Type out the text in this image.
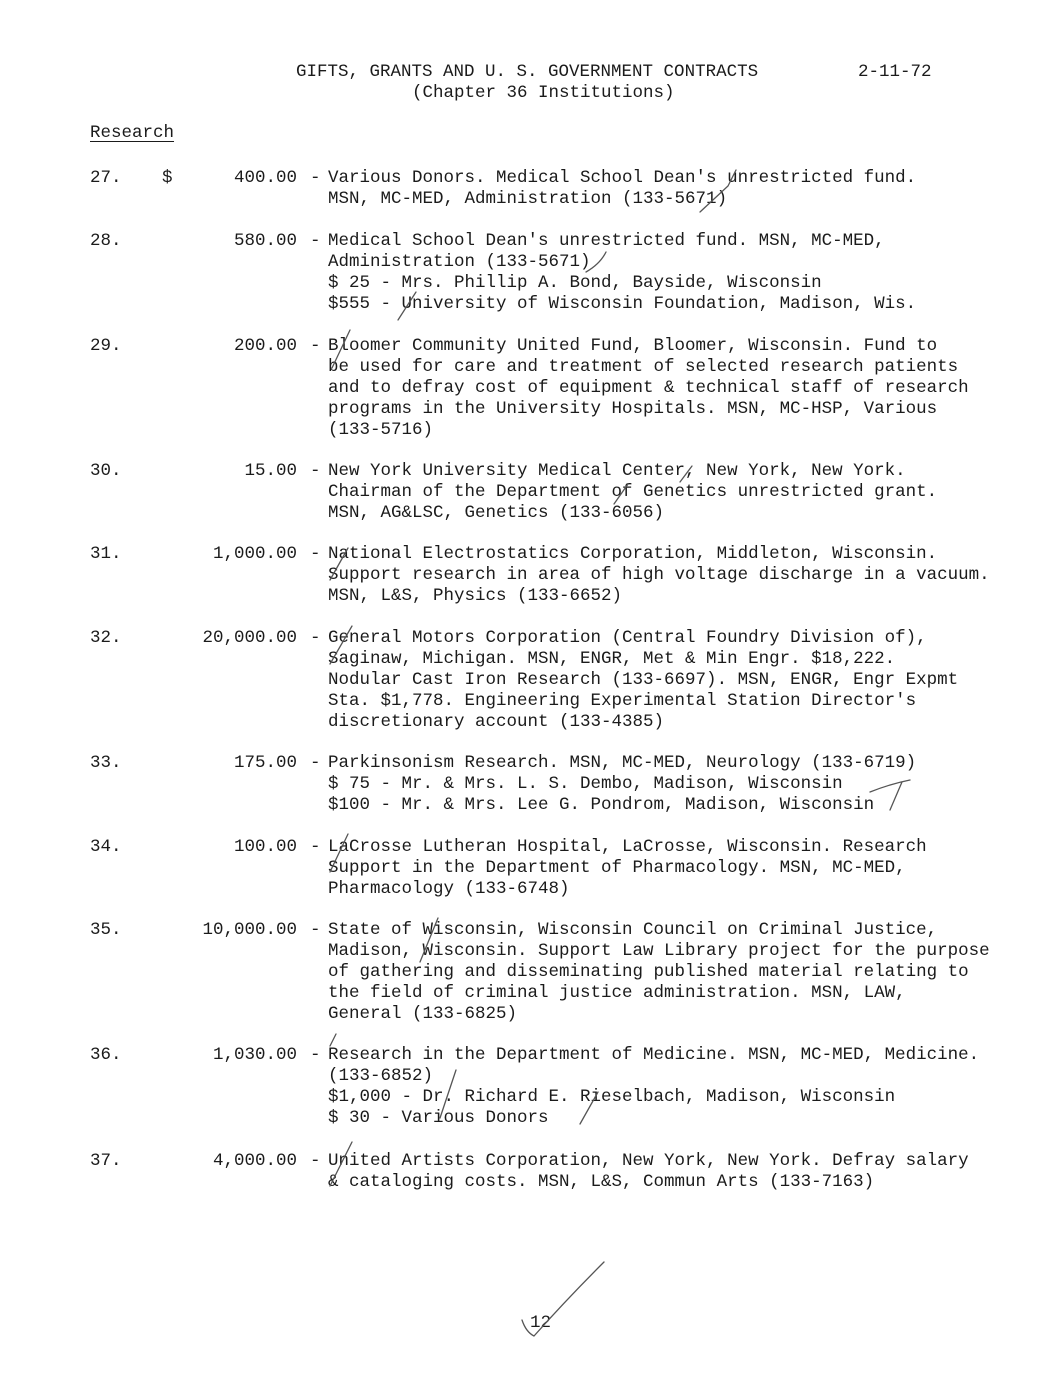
GIFTS, GRANTS AND U. S. GOVERNMENT CONTRACTS
(Chapter 36 Institutions)
2-11-72
Research
27. $	400.00 - Various Donors. Medical School Dean's unrestricted fund.
MSN, MC-MED, Administration (133-5671)
28.	580.00 - Medical School Dean's unrestricted fund. MSN, MC-MED,
Administration (133-5671)
$ 25 - Mrs. Phillip A. Bond, Bayside, Wisconsin
$555 - University of Wisconsin Foundation, Madison, Wis.
29.	200.00 - Bloomer Community United Fund, Bloomer, Wisconsin. Fund to
be used for care and treatment of selected research patients
and to defray cost of equipment & technical staff of research
programs in the University Hospitals. MSN, MC-HSP, Various
(133-5716)
30.	15.00 - New York University Medical Center, New York, New York.
Chairman of the Department of Genetics unrestricted grant.
MSN, AG&LSC, Genetics (133-6056)
31.	1,000.00 - National Electrostatics Corporation, Middleton, Wisconsin.
Support research in area of high voltage discharge in a vacuum.
MSN, L&S, Physics (133-6652)
32.	20,000.00 - General Motors Corporation (Central Foundry Division of),
Saginaw, Michigan. MSN, ENGR, Met & Min Engr. $18,222.
Nodular Cast Iron Research (133-6697). MSN, ENGR, Engr Expmt
Sta. $1,778. Engineering Experimental Station Director's
discretionary account (133-4385)
33.	175.00 - Parkinsonism Research. MSN, MC-MED, Neurology (133-6719)
$ 75 - Mr. & Mrs. L. S. Dembo, Madison, Wisconsin
$100 - Mr. & Mrs. Lee G. Pondrom, Madison, Wisconsin
34.	100.00 - LaCrosse Lutheran Hospital, LaCrosse, Wisconsin. Research
Support in the Department of Pharmacology. MSN, MC-MED,
Pharmacology (133-6748)
35.	10,000.00 - State of Wisconsin, Wisconsin Council on Criminal Justice,
Madison, Wisconsin. Support Law Library project for the purpose
of gathering and disseminating published material relating to
the field of criminal justice administration. MSN, LAW,
General (133-6825)
36.	1,030.00 - Research in the Department of Medicine. MSN, MC-MED, Medicine.
(133-6852)
$1,000 - Dr. Richard E. Rieselbach, Madison, Wisconsin
$ 30 - Various Donors
37.	4,000.00 - United Artists Corporation, New York, New York. Defray salary
& cataloging costs. MSN, L&S, Commun Arts (133-7163)
12
